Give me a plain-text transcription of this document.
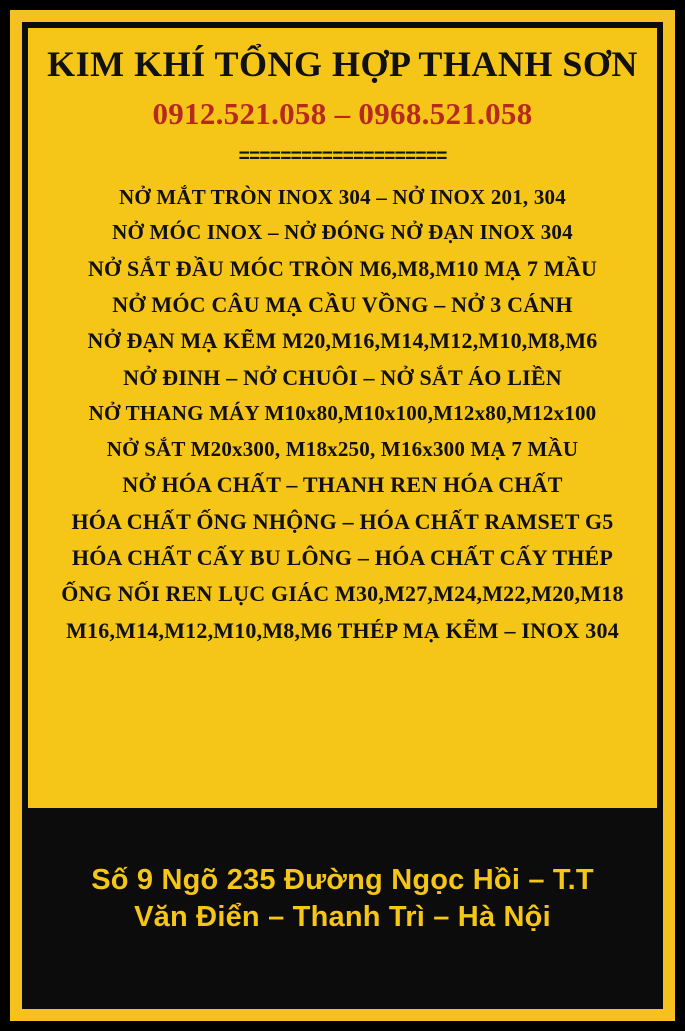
KIM KHÍ TỔNG HỢP THANH SƠN
0912.521.058 – 0968.521.058
====================
NỞ MẮT TRÒN INOX 304 – NỞ INOX 201, 304
NỞ MÓC INOX – NỞ ĐÓNG NỞ ĐẠN INOX 304
NỞ SẮT ĐẦU MÓC TRÒN M6,M8,M10 MẠ 7 MẦU
NỞ MÓC CÂU MẠ CẦU VỒNG – NỞ 3 CÁNH
NỞ ĐẠN MẠ KẼM M20,M16,M14,M12,M10,M8,M6
NỞ ĐINH – NỞ CHUÔI – NỞ SẮT ÁO LIỀN
NỞ THANG MÁY M10x80,M10x100,M12x80,M12x100
NỞ SẮT M20x300, M18x250, M16x300 MẠ 7 MẦU
NỞ HÓA CHẤT – THANH REN HÓA CHẤT
HÓA CHẤT ỐNG NHỘNG – HÓA CHẤT RAMSET G5
HÓA CHẤT CẤY BU LÔNG – HÓA CHẤT CẤY THÉP
ỐNG NỐI REN LỤC GIÁC M30,M27,M24,M22,M20,M18
M16,M14,M12,M10,M8,M6 THÉP MẠ KẼM – INOX 304
Số 9 Ngõ 235 Đường Ngọc Hồi – T.T
Văn Điển – Thanh Trì – Hà Nội
